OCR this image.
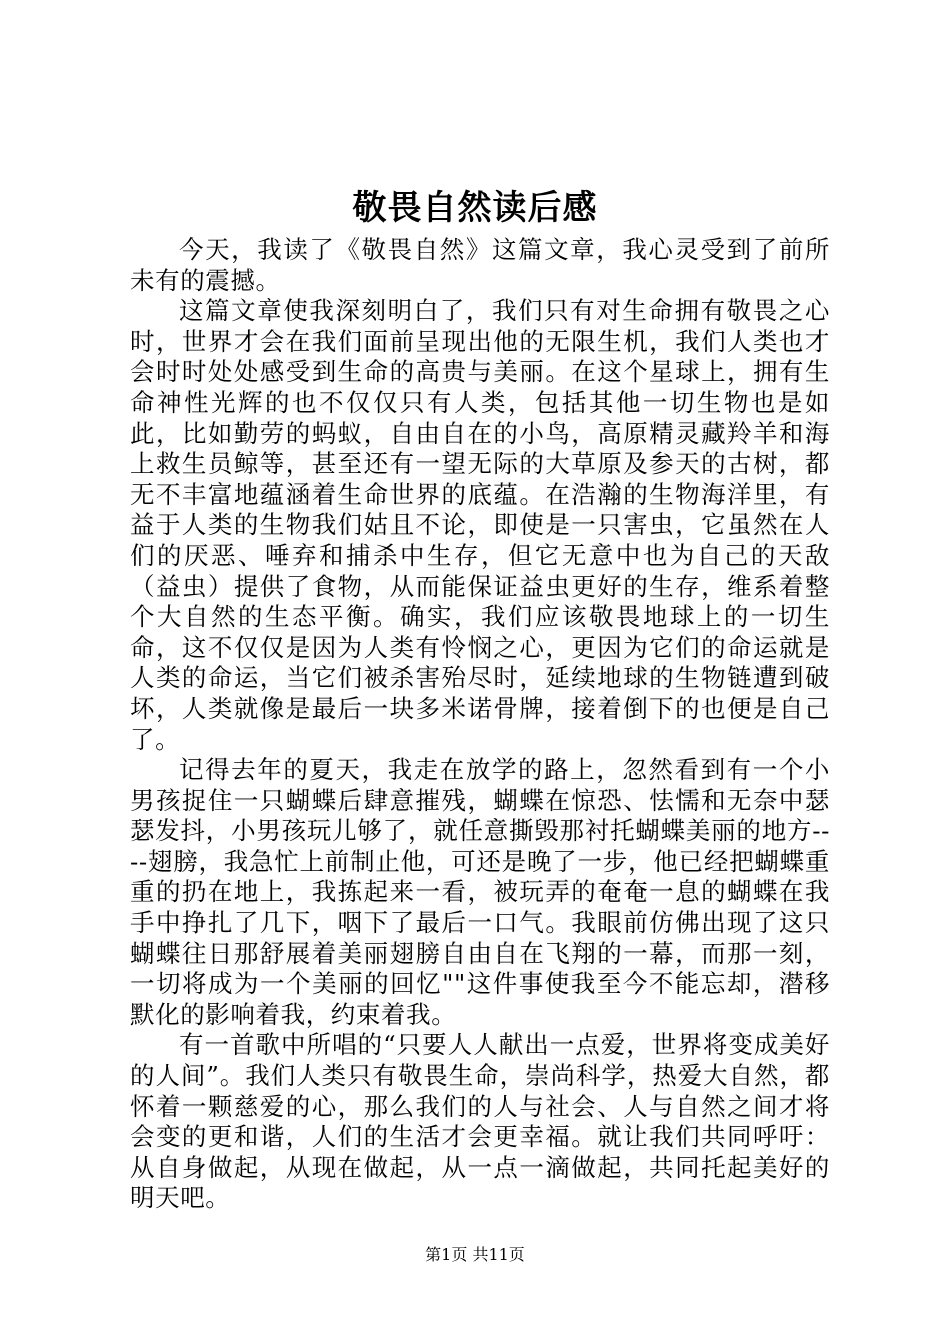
敬畏自然读后感

今天，我读了《敬畏自然》这篇文章，我心灵受到了前所未有的震撼。

这篇文章使我深刻明白了，我们只有对生命拥有敬畏之心时，世界才会在我们面前呈现出他的无限生机，我们人类也才会时时处处感受到生命的高贵与美丽。在这个星球上，拥有生命神性光辉的也不仅仅只有人类，包括其他一切生物也是如此，比如勤劳的蚂蚁，自由自在的小鸟，高原精灵藏羚羊和海上救生员鲸等，甚至还有一望无际的大草原及参天的古树，都无不丰富地蕴涵着生命世界的底蕴。在浩瀚的生物海洋里，有益于人类的生物我们姑且不论，即使是一只害虫，它虽然在人们的厌恶、唾弃和捕杀中生存，但它无意中也为自己的天敌（益虫）提供了食物，从而能保证益虫更好的生存，维系着整个大自然的生态平衡。确实，我们应该敬畏地球上的一切生命，这不仅仅是因为人类有怜悯之心，更因为它们的命运就是人类的命运，当它们被杀害殆尽时，延续地球的生物链遭到破坏，人类就像是最后一块多米诺骨牌，接着倒下的也便是自己了。

记得去年的夏天，我走在放学的路上，忽然看到有一个小男孩捉住一只蝴蝶后肆意摧残，蝴蝶在惊恐、怯懦和无奈中瑟瑟发抖，小男孩玩儿够了，就任意撕毁那衬托蝴蝶美丽的地方----翅膀，我急忙上前制止他，可还是晚了一步，他已经把蝴蝶重重的扔在地上，我拣起来一看，被玩弄的奄奄一息的蝴蝶在我手中挣扎了几下，咽下了最后一口气。我眼前仿佛出现了这只蝴蝶往日那舒展着美丽翅膀自由自在飞翔的一幕，而那一刻，一切将成为一个美丽的回忆""这件事使我至今不能忘却，潜移默化的影响着我，约束着我。

有一首歌中所唱的“只要人人献出一点爱，世界将变成美好的人间”。我们人类只有敬畏生命，崇尚科学，热爱大自然，都怀着一颗慈爱的心，那么我们的人与社会、人与自然之间才将会变的更和谐，人们的生活才会更幸福。就让我们共同呼吁：从自身做起，从现在做起，从一点一滴做起，共同托起美好的明天吧。

第1页 共11页
